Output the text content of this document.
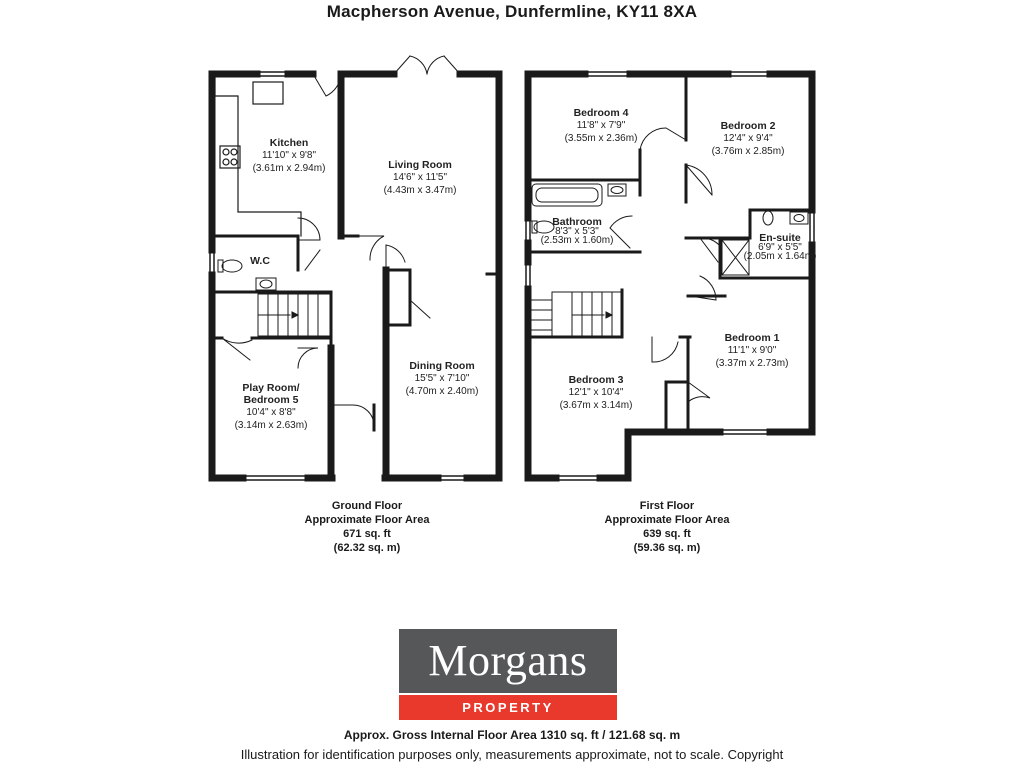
Macpherson Avenue, Dunfermline, KY11 8XA
Kitchen
11'10" x 9'8"
(3.61m x 2.94m)	Living Room
14'6" x 11'5"
(4.43m x 3.47m)
W.C
Dining Room
15'5" x 7'10"
(4.70m x 2.40m)
Play Room/
Bedroom 5
10'4" x 8'8"
(3.14m x 2.63m)
Bedroom 4
11'8" x 7'9"
(3.55m x 2.36m)
Bedroom 2
12'4" x 9'4"
(3.76m x 2.85m)
Bathroom
8'3" x 5'3"
(2.53m x 1.60m)	En-suite
6'9" x 5'5"
(2.05m x 1.64m)
Bedroom 1
11'1" x 9'0"
(3.37m x 2.73m)
Bedroom 3
12'1" x 10'4"
(3.67m x 3.14m)
Ground Floor
Approximate Floor Area
671 sq. ft
(62.32 sq. m)
First Floor
Approximate Floor Area
639 sq. ft
(59.36 sq. m)
Morgans
PROPERTY
Approx. Gross Internal Floor Area 1310 sq. ft / 121.68 sq. m
Illustration for identification purposes only, measurements approximate, not to scale. Copyright
